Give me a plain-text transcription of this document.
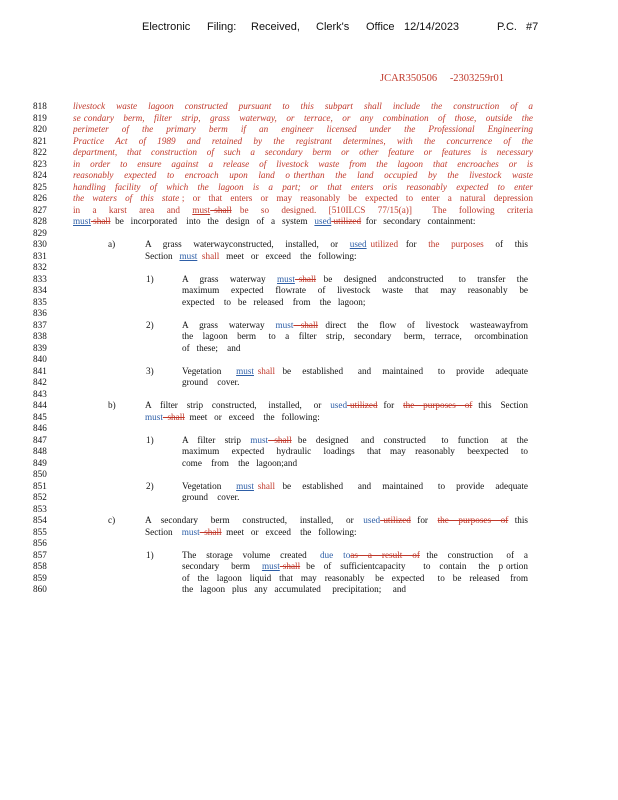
Electronic Filing: Received, Clerk's Office 12/14/2023	P.C. #7
JCAR350506 -2303259r01
818	livestock   waste   lagoon   constructed   pursuant   to   this   subpart   shall   include   the   construction   of   a
819	se condary   berm,   filter   strip,   grass   waterway,   or   terrace,   or   any   combination   of   those,   outside   the
820	perimeter   of   the   primary   berm   if   an   engineer   licensed   under   the   Professional   Engineering
821	Practice   Act   of   1989   and   retained   by   the   registrant   determines,   with   the   concurrence   of   the
822	department,   that   construction   of   such   a   secondary   berm   or   other   feature   or   features   is   necessary
823	in   order   to   ensure   against   a   release   of   livestock   waste   from   the   lagoon   that   encroaches   or   is
824	reasonably   expected   to   encroach   upon   land   o therthan   the   land   occupied   by   the   livestock   waste
825	handling   facility   of   which   the   lagoon   is   a   part;   or   that   enters   oris   reasonably   expected   to   enter
826	the   waters   of   this   state ;   or   that   enters   or   may   reasonably   be   expected   to   enter   a   natural   depression
827	in   a   karst   area   and   must shall  be   so   designed.   [510ILCS   77/15(a)]     The   following   criteria
828	must shall  be   incorporated    into   the   design   of   a   system   used utilized  for   secondary   containment:
829
830	a)	A   grass   waterwayconstructed,   installed,   or   used utilized  for   the   purposes   of   this
831	Section   must  shall   meet   or   exceed    the   following:
832
833	1)	A   grass   waterway   must shall  be   designed   andconstructed    to   transfer   the
834	maximum   expected   flowrate   of   livestock   waste   that   may   reasonably   be
835	expected    to   be   released    from    the   lagoon;
836
837	2)	A   grass   waterway   must  shall  direct   the   flow   of   livestock   wasteawayfrom
838	the   lagoon   berm    to   a   filter   strip,   secondary    berm,   terrace,    orcombination
839	of   these;    and
840
841	3)	Vegetation    must shall  be   established    and   maintained    to   provide   adequate
842	ground    cover.
843
844	b)	A   filter   strip   constructed,    installed,    or   used utilized  for   the   purposes   of  this   Section
845	must  shall  meet   or   exceed    the   following:
846
847	1)	A   filter   strip   must  shall  be   designed    and   constructed     to   function    at   the
848	maximum    expected    hydraulic    loadings    that   may   reasonably    beexpected    to
849	come    from    the   lagoon;and
850
851	2)	Vegetation    must shall  be   established    and   maintained    to   provide   adequate
852	ground    cover.
853
854	c)	A   secondary    berm    constructed,    installed,    or   used utilized  for   the   purposes   of  this
855	Section    must  shall  meet   or   exceed    the   following:
856
857	1)	The   storage   volume   created    due   toas   a   result   of  the   construction    of   a
858	secondary    berm    must shall  be   of   sufficientcapacity      to   contain    the   p ortion
859	of   the   lagoon   liquid   that   may   reasonably    be   expected     to   be   released    from
860	the   lagoon   plus   any   accumulated     precipitation;     and
